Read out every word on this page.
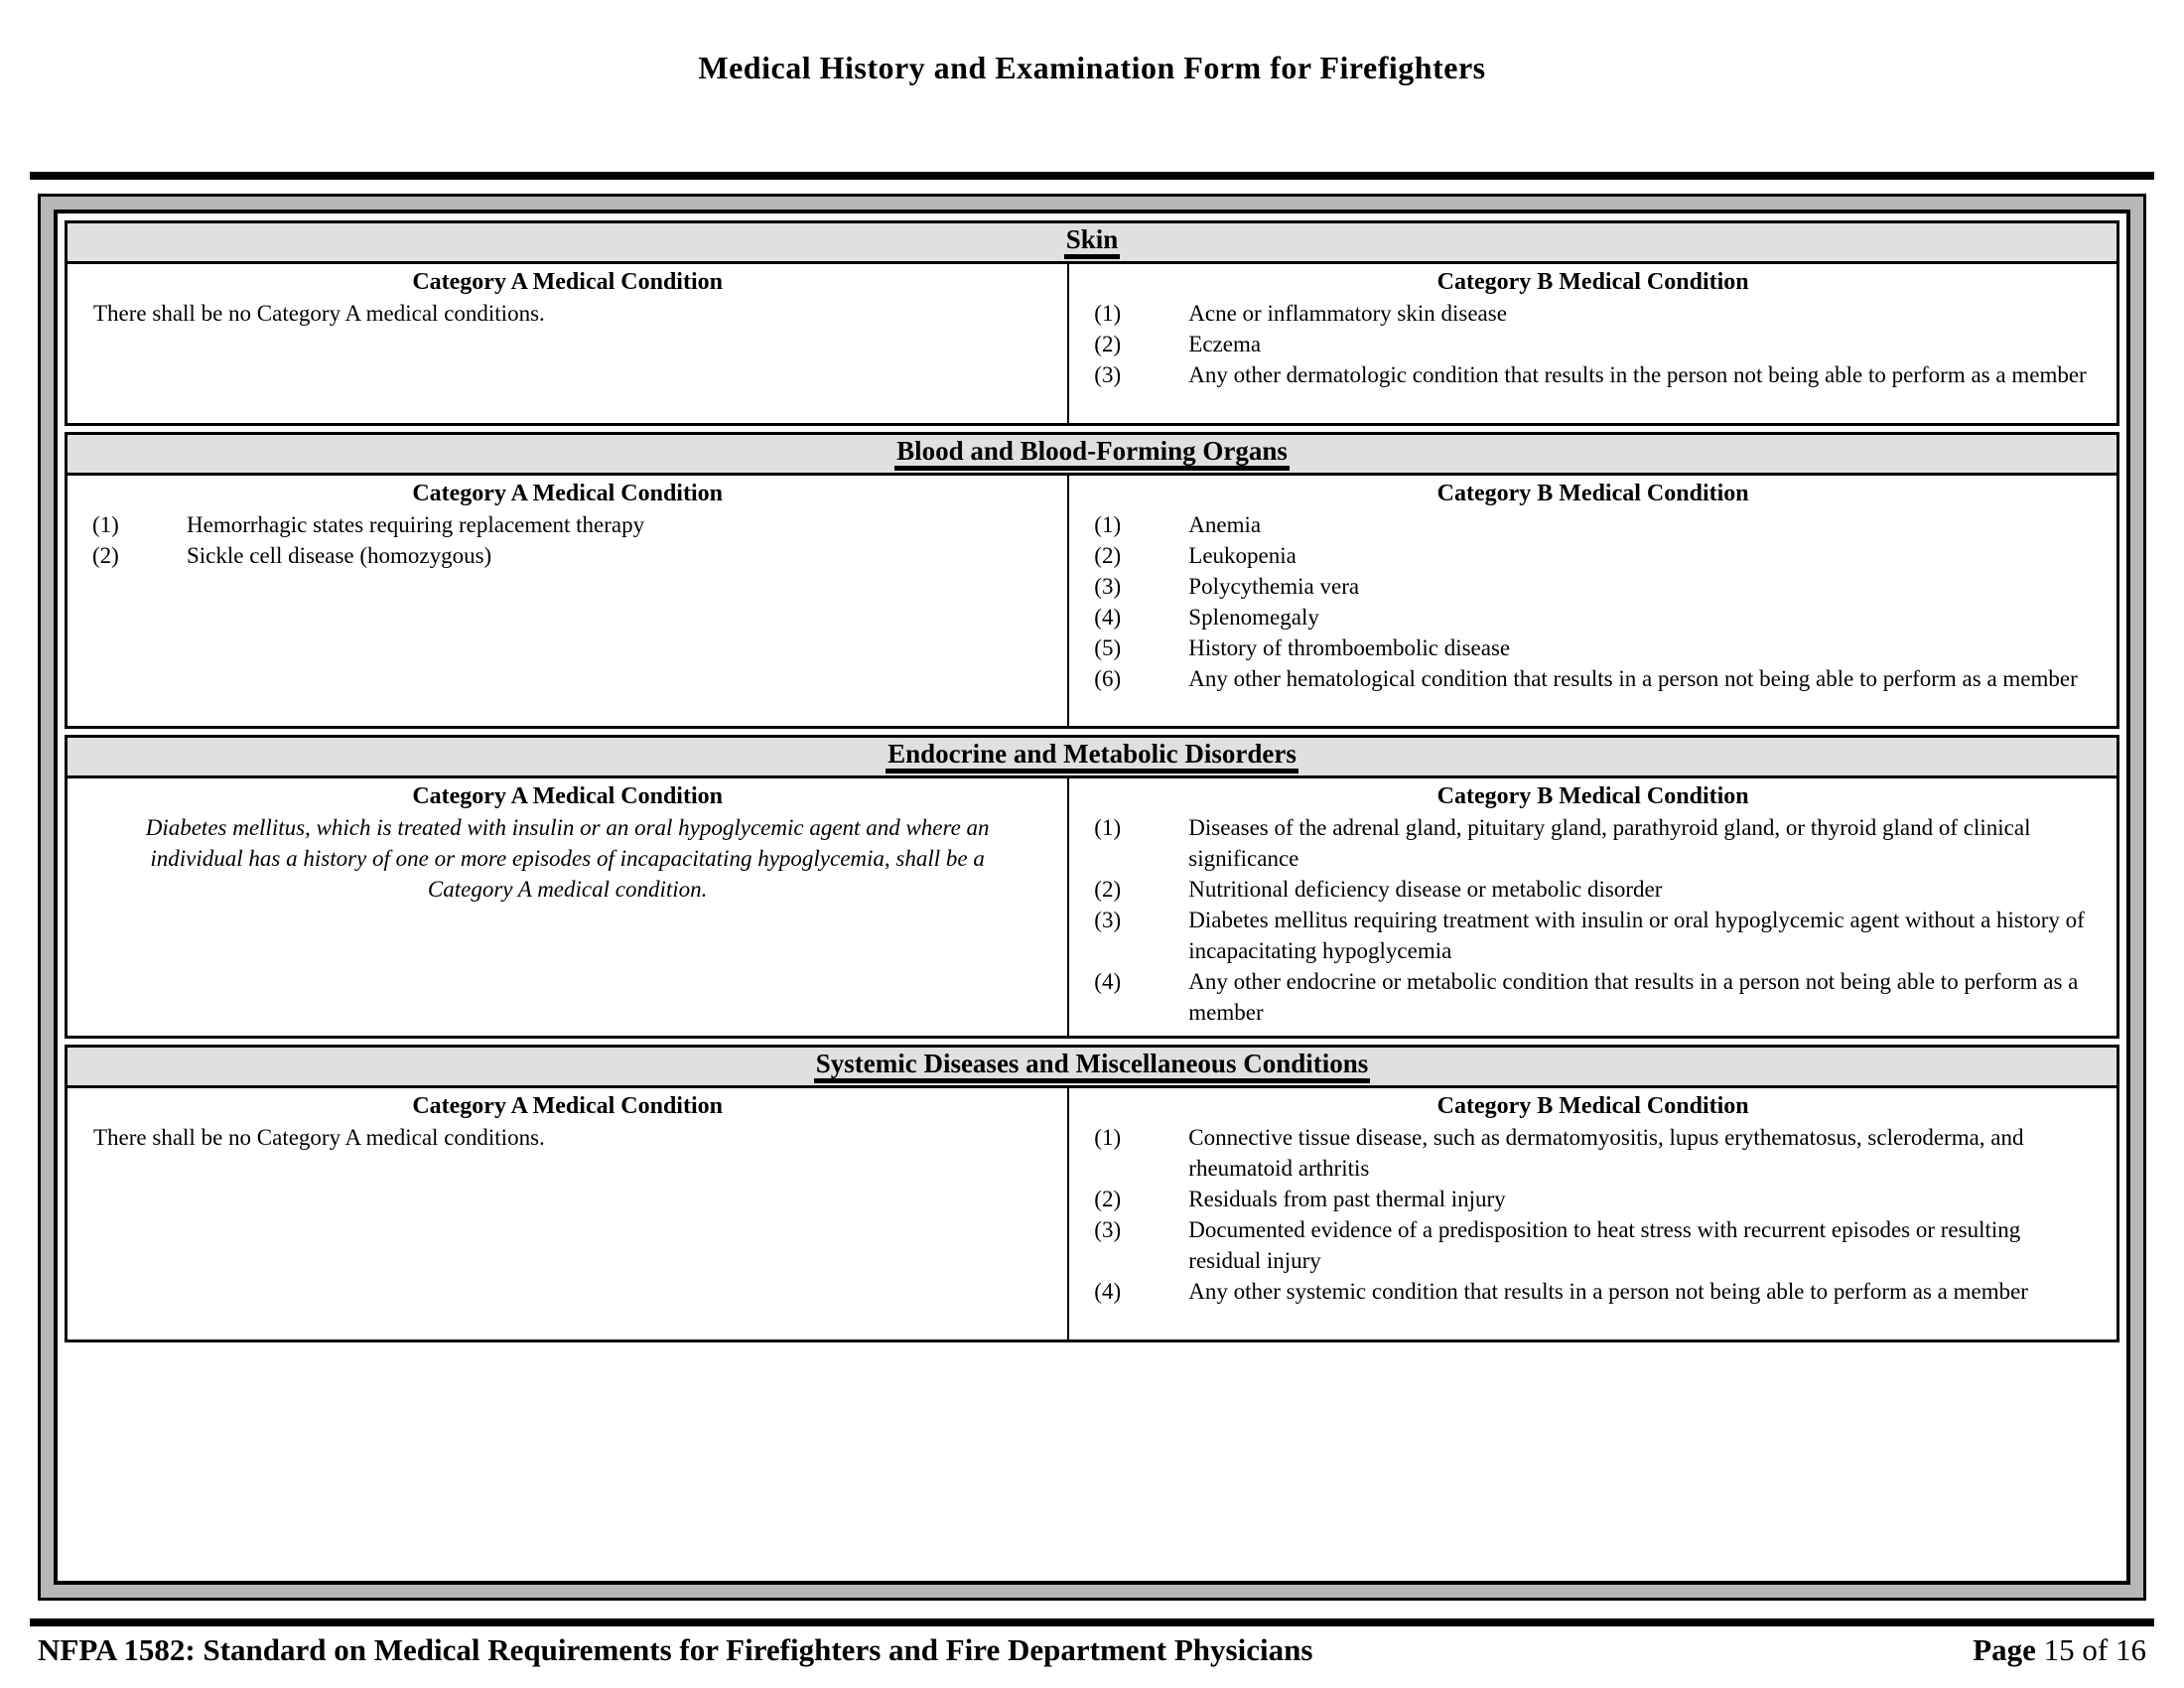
Medical History and Examination Form for Firefighters
Skin
Category A Medical Condition

There shall be no Category A medical conditions.

Category B Medical Condition
(1)	Acne or inflammatory skin disease
(2)	Eczema
(3)	Any other dermatologic condition that results in the person not being able to perform as a member
Blood and Blood-Forming Organs
Category A Medical Condition
(1)	Hemorrhagic states requiring replacement therapy
(2)	Sickle cell disease (homozygous)
Category B Medical Condition
(1)	Anemia
(2)	Leukopenia
(3)	Polycythemia vera
(4)	Splenomegaly
(5)	History of thromboembolic disease
(6)	Any other hematological condition that results in a person not being able to perform as a member
Endocrine and Metabolic Disorders
Category A Medical Condition

Diabetes mellitus, which is treated with insulin or an oral hypoglycemic agent and where an individual has a history of one or more episodes of incapacitating hypoglycemia, shall be a Category A medical condition.

Category B Medical Condition
(1)	Diseases of the adrenal gland, pituitary gland, parathyroid gland, or thyroid gland of clinical significance
(2)	Nutritional deficiency disease or metabolic disorder
(3)	Diabetes mellitus requiring treatment with insulin or oral hypoglycemic agent without a history of incapacitating hypoglycemia
(4)	Any other endocrine or metabolic condition that results in a person not being able to perform as a member
Systemic Diseases and Miscellaneous Conditions
Category A Medical Condition

There shall be no Category A medical conditions.

Category B Medical Condition
(1)	Connective tissue disease, such as dermatomyositis, lupus erythematosus, scleroderma, and rheumatoid arthritis
(2)	Residuals from past thermal injury
(3)	Documented evidence of a predisposition to heat stress with recurrent episodes or resulting residual injury
(4)	Any other systemic condition that results in a person not being able to perform as a member
NFPA 1582: Standard on Medical Requirements for Firefighters and Fire Department Physicians	Page 15 of 16
